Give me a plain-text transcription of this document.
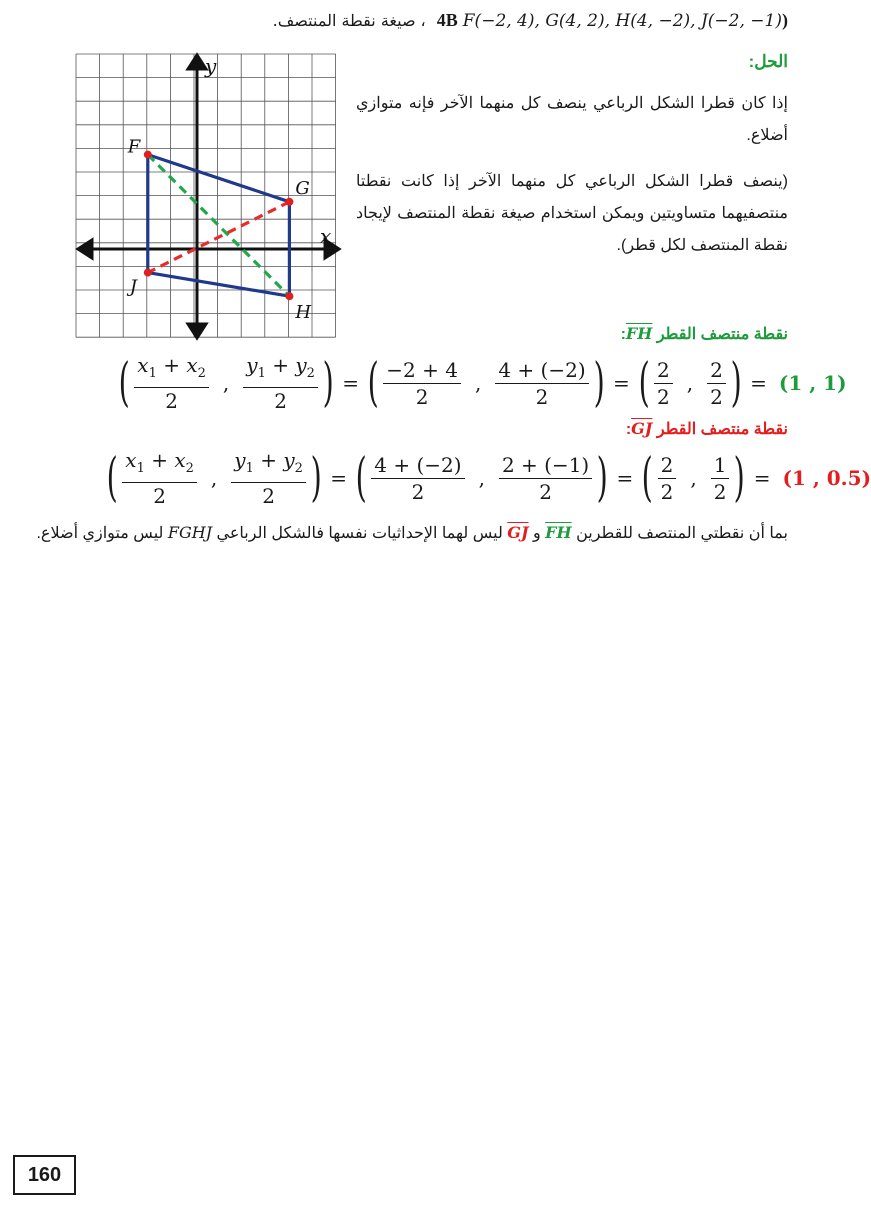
(4B F(−2, 4), G(4, 2), H(4, −2), J(−2, −1) ، صيغة نقطة المنتصف.
الحل:
x
y
F
G
H
J
إذا كان قطرا الشكل الرباعي ينصف كل منهما الآخر فإنه متوازي أضلاع.
(ينصف قطرا الشكل الرباعي كل منهما الآخر إذا كانت نقطتا منتصفيهما متساويتين ويمكن استخدام صيغة نقطة المنتصف لإيجاد نقطة المنتصف لكل قطر).
نقطة منتصف القطر FH:
( $\frac{x_1 + x_2}{2}$ , $\frac{y_1 + y_2}{2}$ ) = ( $\frac{-2 + 4}{2}$ , $\frac{4 + (-2)}{2}$ ) = ( $\frac{2}{2}$ , $\frac{2}{2}$ ) = (1 , 1)
نقطة منتصف القطر GJ:
( $\frac{x_1 + x_2}{2}$ , $\frac{y_1 + y_2}{2}$ ) = ( $\frac{4 + (-2)}{2}$ , $\frac{2 + (-1)}{2}$ ) = ( $\frac{2}{2}$ , $\frac{1}{2}$ ) = (1 , 0.5)
بما أن نقطتي المنتصف للقطرين FH و GJ ليس لهما الإحداثيات نفسها فالشكل الرباعي FGHJ ليس متوازي أضلاع.
160
